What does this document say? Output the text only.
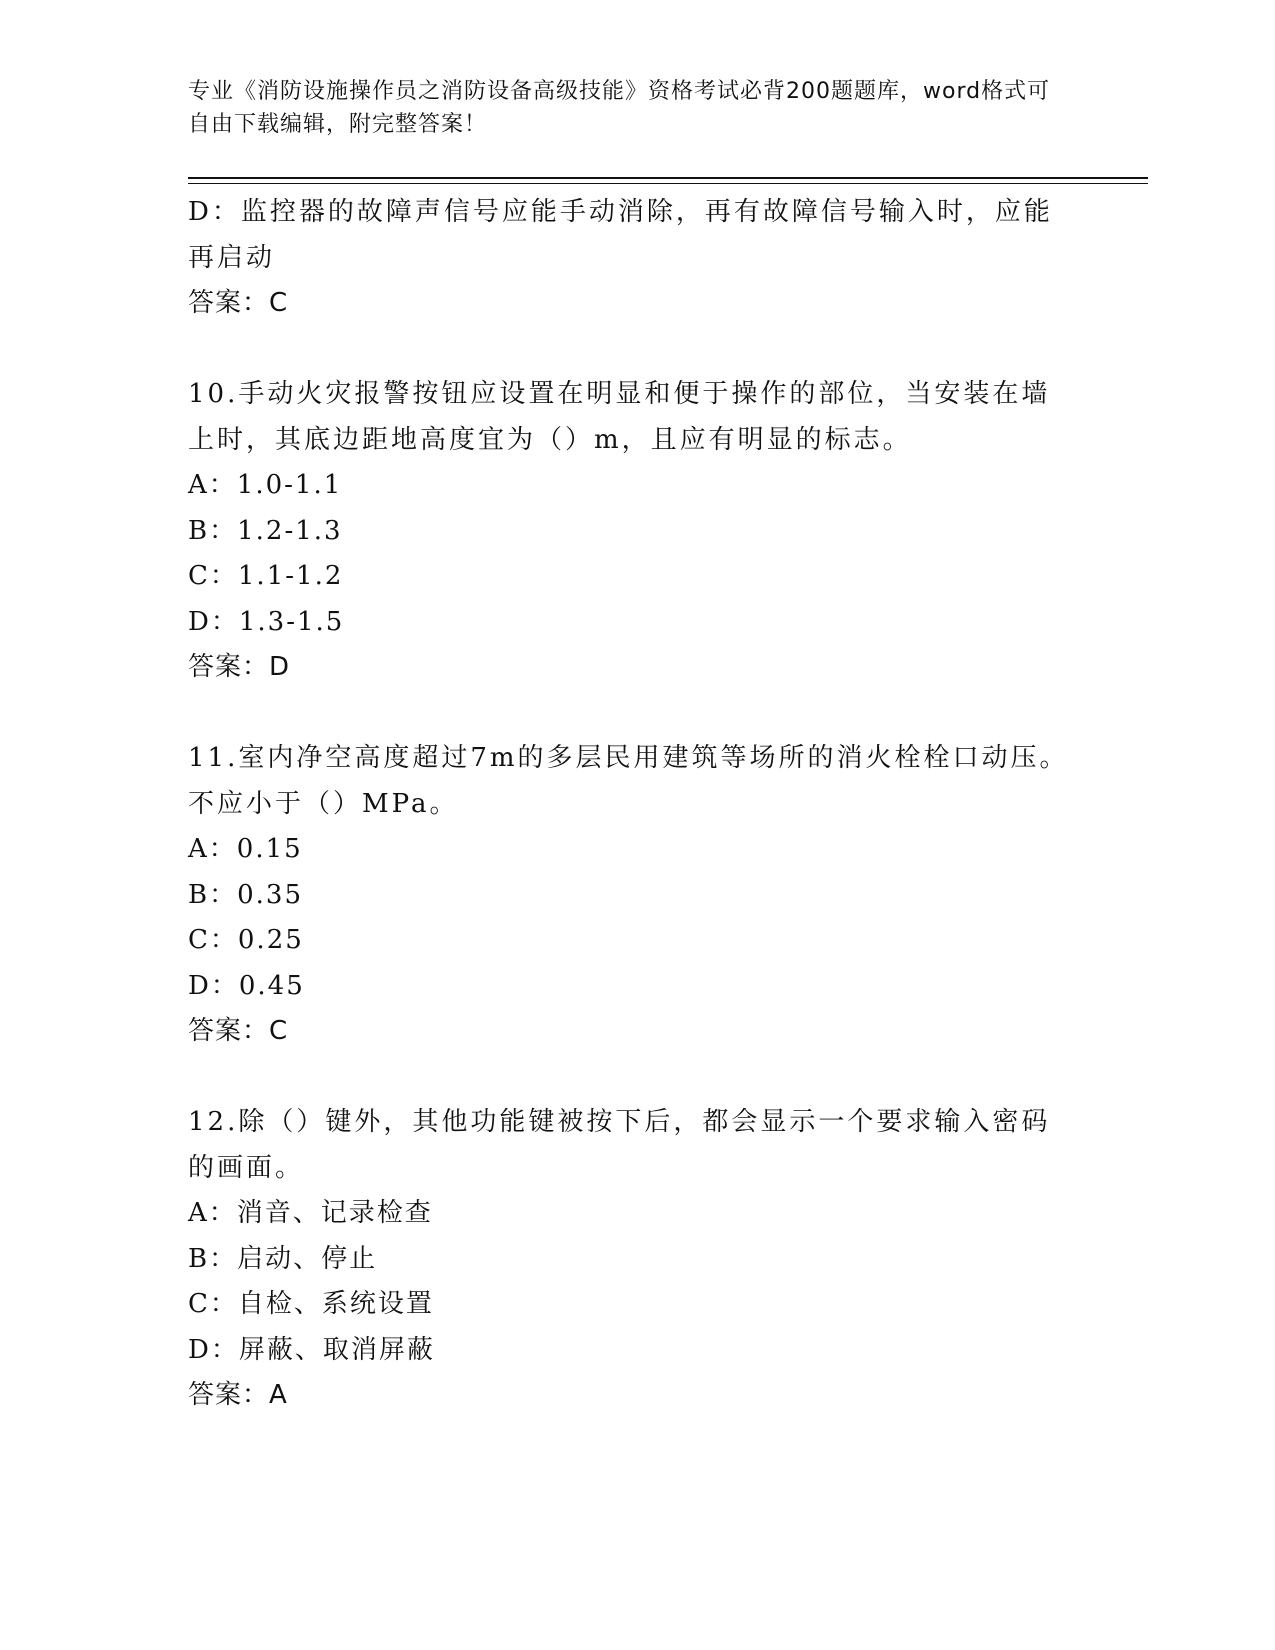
专业《消防设施操作员之消防设备高级技能》资格考试必背200题题库，word格式可自由下载编辑，附完整答案！
D：监控器的故障声信号应能手动消除，再有故障信号输入时，应能再启动
答案：C
10.手动火灾报警按钮应设置在明显和便于操作的部位，当安装在墙上时，其底边距地高度宜为（）m，且应有明显的标志。
A：1.0-1.1
B：1.2-1.3
C：1.1-1.2
D：1.3-1.5
答案：D
11.室内净空高度超过7m的多层民用建筑等场所的消火栓栓口动压。不应小于（）MPa。
A：0.15
B：0.35
C：0.25
D：0.45
答案：C
12.除（）键外，其他功能键被按下后，都会显示一个要求输入密码的画面。
A：消音、记录检查
B：启动、停止
C：自检、系统设置
D：屏蔽、取消屏蔽
答案：A
